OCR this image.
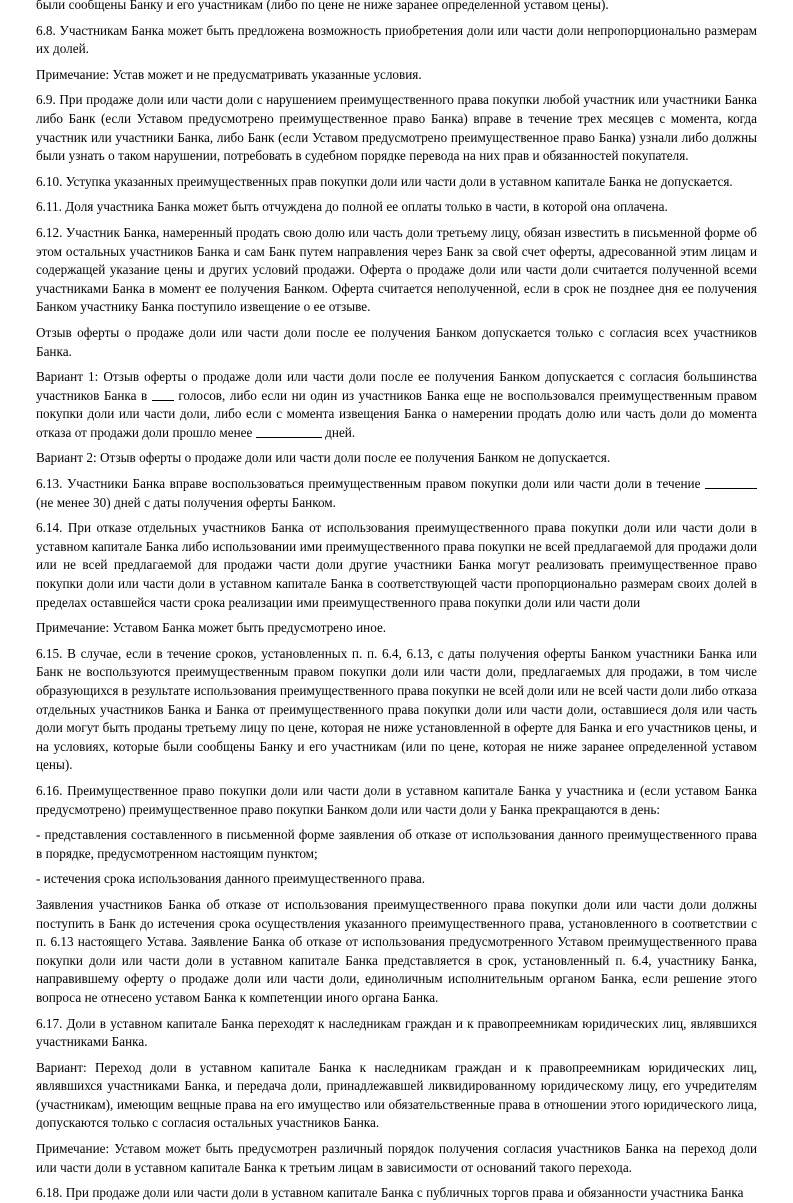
были сообщены Банку и его участникам (либо по цене не ниже заранее определенной уставом цены).

6.8. Участникам Банка может быть предложена возможность приобретения доли или части доли непропорционально размерам их долей.

Примечание: Устав может и не предусматривать указанные условия.

6.9. При продаже доли или части доли с нарушением преимущественного права покупки любой участник или участники Банка либо Банк (если Уставом предусмотрено преимущественное право Банка) вправе в течение трех месяцев с момента, когда участник или участники Банка, либо Банк (если Уставом предусмотрено преимущественное право Банка) узнали либо должны были узнать о таком нарушении, потребовать в судебном порядке перевода на них прав и обязанностей покупателя.

6.10. Уступка указанных преимущественных прав покупки доли или части доли в уставном капитале Банка не допускается.

6.11. Доля участника Банка может быть отчуждена до полной ее оплаты только в части, в которой она оплачена.

6.12. Участник Банка, намеренный продать свою долю или часть доли третьему лицу, обязан известить в письменной форме об этом остальных участников Банка и сам Банк путем направления через Банк за свой счет оферты, адресованной этим лицам и содержащей указание цены и других условий продажи. Оферта о продаже доли или части доли считается полученной всеми участниками Банка в момент ее получения Банком. Оферта считается неполученной, если в срок не позднее дня ее получения Банком участнику Банка поступило извещение о ее отзыве.

Отзыв оферты о продаже доли или части доли после ее получения Банком допускается только с согласия всех участников Банка.

Вариант 1: Отзыв оферты о продаже доли или части доли после ее получения Банком допускается с согласия большинства участников Банка в  голосов, либо если ни один из участников Банка еще не воспользовался преимущественным правом покупки доли или части доли, либо если с момента извещения Банка о намерении продать долю или часть доли до момента отказа от продажи доли прошло менее	дней.

Вариант 2: Отзыв оферты о продаже доли или части доли после ее получения Банком не допускается.

6.13. Участники Банка вправе воспользоваться преимущественным правом покупки доли или части доли в течение  (не менее 30) дней с даты получения оферты Банком.

6.14. При отказе отдельных участников Банка от использования преимущественного права покупки доли или части доли в уставном капитале Банка либо использовании ими преимущественного права покупки не всей предлагаемой для продажи доли или не всей предлагаемой для продажи части доли другие участники Банка могут реализовать преимущественное право покупки доли или части доли в уставном капитале Банка в соответствующей части пропорционально размерам своих долей в пределах оставшейся части срока реализации ими преимущественного права покупки доли или части доли

Примечание: Уставом Банка может быть предусмотрено иное.

6.15. В случае, если в течение сроков, установленных п. п. 6.4, 6.13, с даты получения оферты Банком участники Банка или Банк не воспользуются преимущественным правом покупки доли или части доли, предлагаемых для продажи, в том числе образующихся в результате использования преимущественного права покупки не всей доли или не всей части доли либо отказа отдельных участников Банка и Банка от преимущественного права покупки доли или части доли, оставшиеся доля или часть доли могут быть проданы третьему лицу по цене, которая не ниже установленной в оферте для Банка и его участников цены, и на условиях, которые были сообщены Банку и его участникам (или по цене, которая не ниже заранее определенной уставом цены).

6.16. Преимущественное право покупки доли или части доли в уставном капитале Банка у участника и (если уставом Банка предусмотрено) преимущественное право покупки Банком доли или части доли у Банка прекращаются в день:

- представления составленного в письменной форме заявления об отказе от использования данного преимущественного права в порядке, предусмотренном настоящим пунктом;

- истечения срока использования данного преимущественного права.

Заявления участников Банка об отказе от использования преимущественного права покупки доли или части доли должны поступить в Банк до истечения срока осуществления указанного преимущественного права, установленного в соответствии с п. 6.13 настоящего Устава. Заявление Банка об отказе от использования предусмотренного Уставом преимущественного права покупки доли или части доли в уставном капитале Банка представляется в срок, установленный п. 6.4, участнику Банка, направившему оферту о продаже доли или части доли, единоличным исполнительным органом Банка, если решение этого вопроса не отнесено уставом Банка к компетенции иного органа Банка.

6.17. Доли в уставном капитале Банка переходят к наследникам граждан и к правопреемникам юридических лиц, являвшихся участниками Банка.

Вариант: Переход доли в уставном капитале Банка к наследникам граждан и к правопреемникам юридических лиц, являвшихся участниками Банка, и передача доли, принадлежавшей ликвидированному юридическому лицу, его учредителям (участникам), имеющим вещные права на его имущество или обязательственные права в отношении этого юридического лица, допускаются только с согласия остальных участников Банка.

Примечание: Уставом может быть предусмотрен различный порядок получения согласия участников Банка на переход доли или части доли в уставном капитале Банка к третьим лицам в зависимости от оснований такого перехода.

6.18. При продаже доли или части доли в уставном капитале Банка с публичных торгов права и обязанности участника Банка
